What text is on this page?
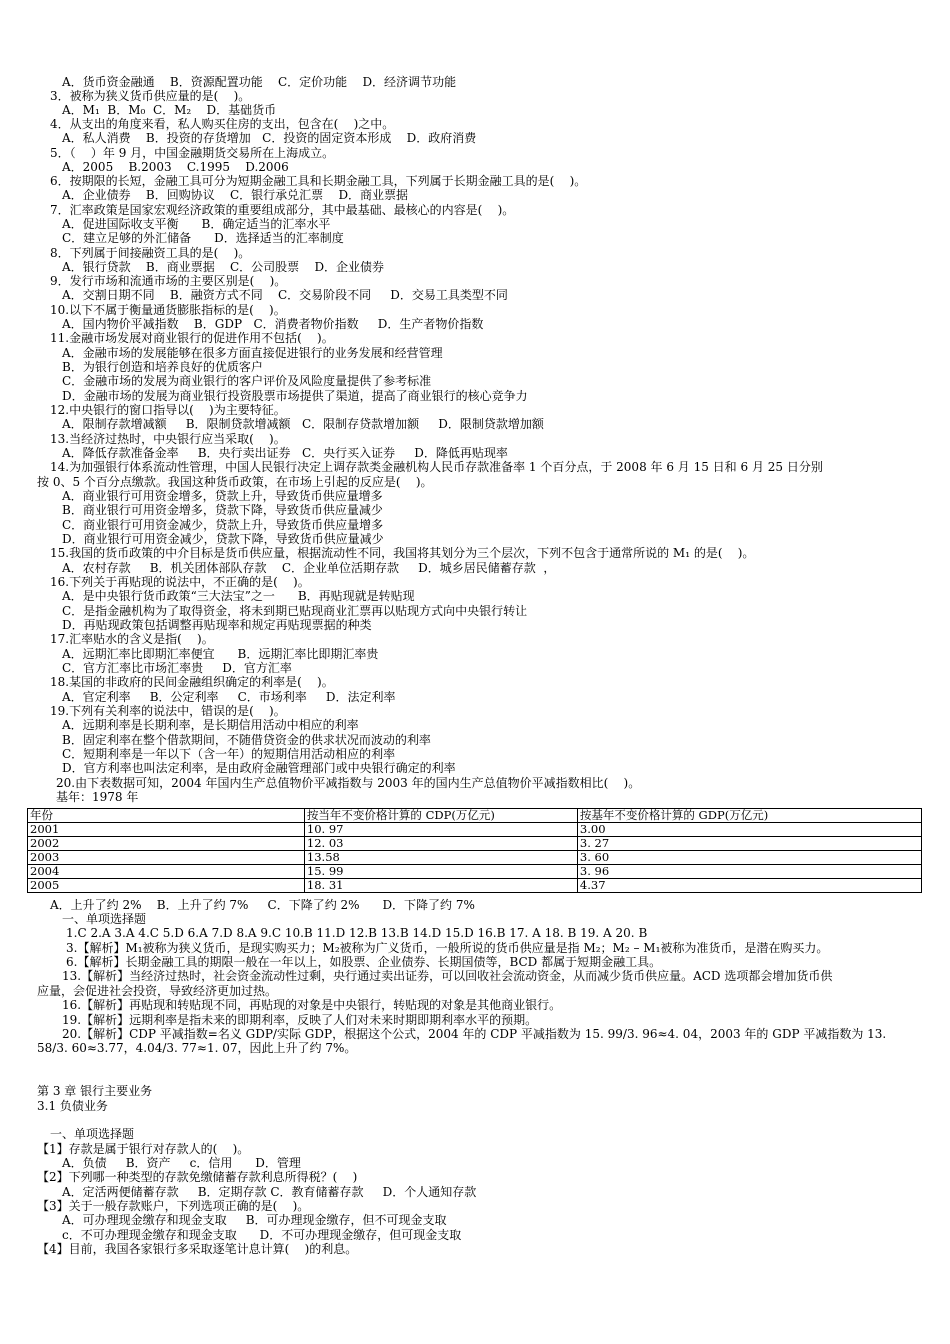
年份	按当年不变价格计算的 CDP(万亿元)	按基年不变价格计算的 GDP(万亿元)
2001	10. 97	3.00
2002	12. 03	3. 27
2003	13.58	3. 60
2004	15. 99	3. 96
2005	18. 31	4.37
A．货币资金融通    B．资源配置功能    C．定价功能    D．经济调节功能
3．被称为狭义货币供应量的是(    )。
A．M₁  B．M₀  C．M₂    D．基础货币
4．从支出的角度来看，私人购买住房的支出，包含在(    )之中。
A．私人消费    B．投资的存货增加   C．投资的固定资本形成    D．政府消费
5．（    ）年 9 月，中国金融期货交易所在上海成立。
A．2005    B.2003    C.1995    D.2006
6．按期限的长短，金融工具可分为短期金融工具和长期金融工具，下列属于长期金融工具的是(    )。
A．企业债券    B．回购协议    C．银行承兑汇票    D．商业票据
7．汇率政策是国家宏观经济政策的重要组成部分，其中最基础、最核心的内容是(    )。
A．促进国际收支平衡      B．确定适当的汇率水平
C．建立足够的外汇储备      D．选择适当的汇率制度
8．下列属于间接融资工具的是(    )。
A．银行贷款    B．商业票据    C．公司股票    D．企业债券
9．发行市场和流通市场的主要区别是(    )。
A．交割日期不同    B．融资方式不同    C．交易阶段不同     D．交易工具类型不同
10.以下不属于衡量通货膨胀指标的是(    )。
A．国内物价平减指数    B．GDP   C．消费者物价指数     D．生产者物价指数
11.金融市场发展对商业银行的促进作用不包括(    )。
A．金融市场的发展能够在很多方面直接促进银行的业务发展和经营管理
B．为银行创造和培养良好的优质客户
C．金融市场的发展为商业银行的客户评价及风险度量提供了参考标准
D．金融市场的发展为商业银行投资股票市场提供了渠道，提高了商业银行的核心竞争力
12.中央银行的窗口指导以(    )为主要特征。
A．限制存款增减额     B．限制贷款增减额   C．限制存贷款增加额     D．限制贷款增加额
13.当经济过热时，中央银行应当采取(    )。
A．降低存款准备金率     B．央行卖出证券   C．央行买入证券     D．降低再贴现率
14.为加强银行体系流动性管理，中国人民银行决定上调存款类金融机构人民币存款准备率 1 个百分点，于 2008 年 6 月 15 日和 6 月 25 日分别
按 0、5 个百分点缴款。我国这种货币政策，在市场上引起的反应是(    )。
A．商业银行可用资金增多，贷款上升，导致货币供应量增多
B．商业银行可用资金增多，贷款下降，导致货币供应量减少
C．商业银行可用资金减少，贷款上升，导致货币供应量增多
D．商业银行可用资金减少，贷款下降，导致货币供应量减少
15.我国的货币政策的中介目标是货币供应量，根据流动性不同，我国将其划分为三个层次，下列不包含于通常所说的 M₁ 的是(    )。
A．农村存款     B．机关团体部队存款    C．企业单位活期存款     D．城乡居民储蓄存款  ，
16.下列关于再贴现的说法中，不正确的是(    )。
A．是中央银行货币政策“三大法宝”之一      B．再贴现就是转贴现
C．是指金融机构为了取得资金，将未到期已贴现商业汇票再以贴现方式向中央银行转让
D．再贴现政策包括调整再贴现率和规定再贴现票据的种类
17.汇率贴水的含义是指(    )。
A．远期汇率比即期汇率便宜      B．远期汇率比即期汇率贵
C．官方汇率比市场汇率贵     D．官方汇率
18.某国的非政府的民间金融组织确定的利率是(    )。
A．官定利率     B．公定利率     C．市场利率     D．法定利率
19.下列有关利率的说法中，错误的是(    )。
A．远期利率是长期利率，是长期信用活动中相应的利率
B．固定利率在整个借款期间，不随借贷资金的供求状况而波动的利率
C．短期利率是一年以下（含一年）的短期信用活动相应的利率
D．官方利率也叫法定利率，是由政府金融管理部门或中央银行确定的利率
20.由下表数据可知，2004 年国内生产总值物价平减指数与 2003 年的国内生产总值物价平减指数相比(    )。
基年：1978 年
A．上升了约 2%    B．上升了约 7%     C．下降了约 2%      D．下降了约 7%
一、单项选择题
1.C 2.A 3.A 4.C 5.D 6.A 7.D 8.A 9.C 10.B 11.D 12.B 13.B 14.D 15.D 16.B 17. A 18. B 19. A 20. B
3.【解析】M₁被称为狭义货币，是现实购买力；M₂被称为广义货币，一般所说的货币供应量是指 M₂；M₂ – M₁被称为准货币，是潜在购买力。
6.【解析】长期金融工具的期限一般在一年以上，如股票、企业债券、长期国债等，BCD 都属于短期金融工具。
13.【解析】当经济过热时，社会资金流动性过剩，央行通过卖出证券，可以回收社会流动资金，从而减少货币供应量。ACD 选项都会增加货币供
应量，会促进社会投资，导致经济更加过热。
16.【解析】再贴现和转贴现不同，再贴现的对象是中央银行，转贴现的对象是其他商业银行。
19.【解析】远期利率是指未来的即期利率，反映了人们对未来时期即期利率水平的预期。
20.【解析】CDP 平减指数=名义 GDP/实际 GDP，根据这个公式，2004 年的 CDP 平减指数为 15. 99/3. 96≈4. 04，2003 年的 GDP 平减指数为 13.
58/3. 60≈3.77，4.04/3. 77≈1. 07，因此上升了约 7%。
第 3 章 银行主要业务
3.1 负债业务
一、单项选择题
【1】存款是属于银行对存款人的(    )。
A．负债     B．资产     c．信用      D．管理
【2】下列哪一种类型的存款免缴储蓄存款利息所得税？(    )
A．定活两便储蓄存款     B．定期存款 C．教育储蓄存款     D．个人通知存款
【3】关于一般存款账户，下列选项正确的是(    )。
A．可办理现金缴存和现金支取     B．可办理现金缴存，但不可现金支取
c．不可办理现金缴存和现金支取      D．不可办理现金缴存，但可现金支取
【4】目前，我国各家银行多采取逐笔计息计算(    )的利息。
